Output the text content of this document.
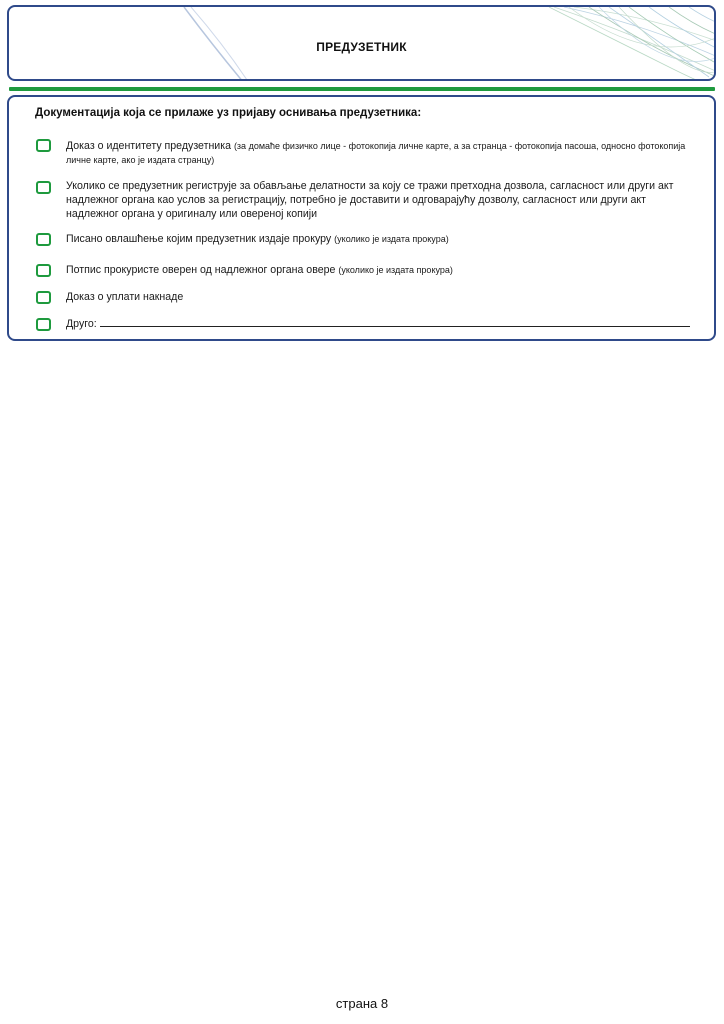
ПРЕДУЗЕТНИК
Документација која се прилаже уз пријаву оснивања предузетника:
Доказ о идентитету предузетника (за домаће физичко лице - фотокопија личне карте, а за странца - фотокопија пасоша, односно фотокопија личне карте, ако је издата странцу)
Уколико се предузетник региструје за обављање делатности за коју се тражи претходна дозвола, сагласност или други акт надлежног органа као услов за регистрацију, потребно је доставити и одговарајућу дозволу, сагласност или други акт надлежног органа у оригиналу или овереној копији
Писано овлашћење којим предузетник издаје прокуру (уколико је издата прокура)
Потпис прокуристе оверен од надлежног органа овере (уколико је издата прокура)
Доказ о уплати накнаде
Друго:
страна 8
